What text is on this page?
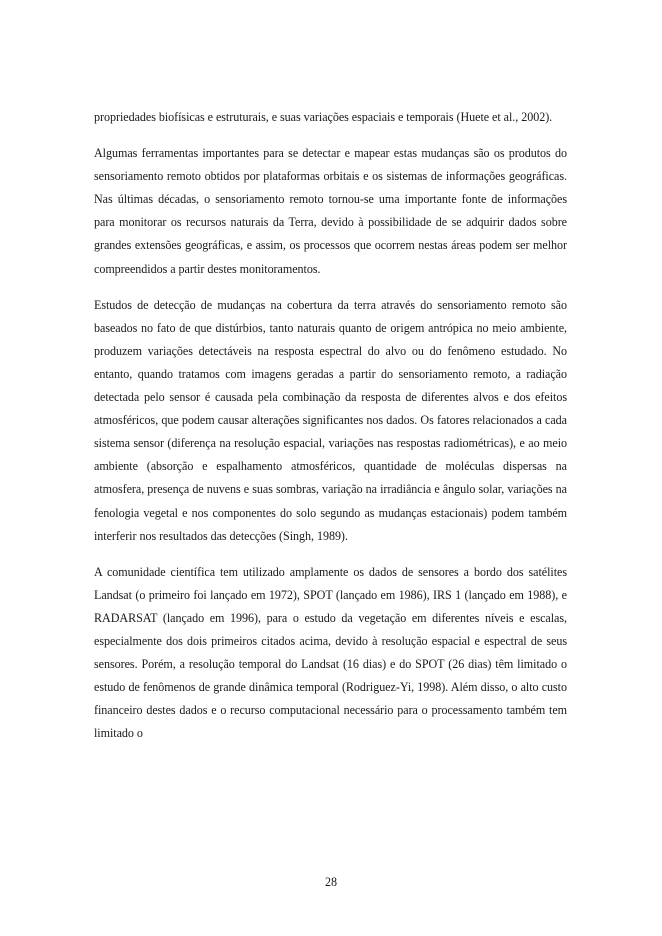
propriedades biofísicas e estruturais, e suas variações espaciais e temporais (Huete et al., 2002).

Algumas ferramentas importantes para se detectar e mapear estas mudanças são os produtos do sensoriamento remoto obtidos por plataformas orbitais e os sistemas de informações geográficas. Nas últimas décadas, o sensoriamento remoto tornou-se uma importante fonte de informações para monitorar os recursos naturais da Terra, devido à possibilidade de se adquirir dados sobre grandes extensões geográficas, e assim, os processos que ocorrem nestas áreas podem ser melhor compreendidos a partir destes monitoramentos.

Estudos de detecção de mudanças na cobertura da terra através do sensoriamento remoto são baseados no fato de que distúrbios, tanto naturais quanto de origem antrópica no meio ambiente, produzem variações detectáveis na resposta espectral do alvo ou do fenômeno estudado. No entanto, quando tratamos com imagens geradas a partir do sensoriamento remoto, a radiação detectada pelo sensor é causada pela combinação da resposta de diferentes alvos e dos efeitos atmosféricos, que podem causar alterações significantes nos dados. Os fatores relacionados a cada sistema sensor (diferença na resolução espacial, variações nas respostas radiométricas), e ao meio ambiente (absorção e espalhamento atmosféricos, quantidade de moléculas dispersas na atmosfera, presença de nuvens e suas sombras, variação na irradiância e ângulo solar, variações na fenologia vegetal e nos componentes do solo segundo as mudanças estacionais) podem também interferir nos resultados das detecções (Singh, 1989).

A comunidade científica tem utilizado amplamente os dados de sensores a bordo dos satélites Landsat (o primeiro foi lançado em 1972), SPOT (lançado em 1986), IRS 1 (lançado em 1988), e RADARSAT (lançado em 1996), para o estudo da vegetação em diferentes níveis e escalas, especialmente dos dois primeiros citados acima, devido à resolução espacial e espectral de seus sensores. Porém, a resolução temporal do Landsat (16 dias) e do SPOT (26 dias) têm limitado o estudo de fenômenos de grande dinâmica temporal (Rodriguez-Yi, 1998). Além disso, o alto custo financeiro destes dados e o recurso computacional necessário para o processamento também tem limitado o

28
